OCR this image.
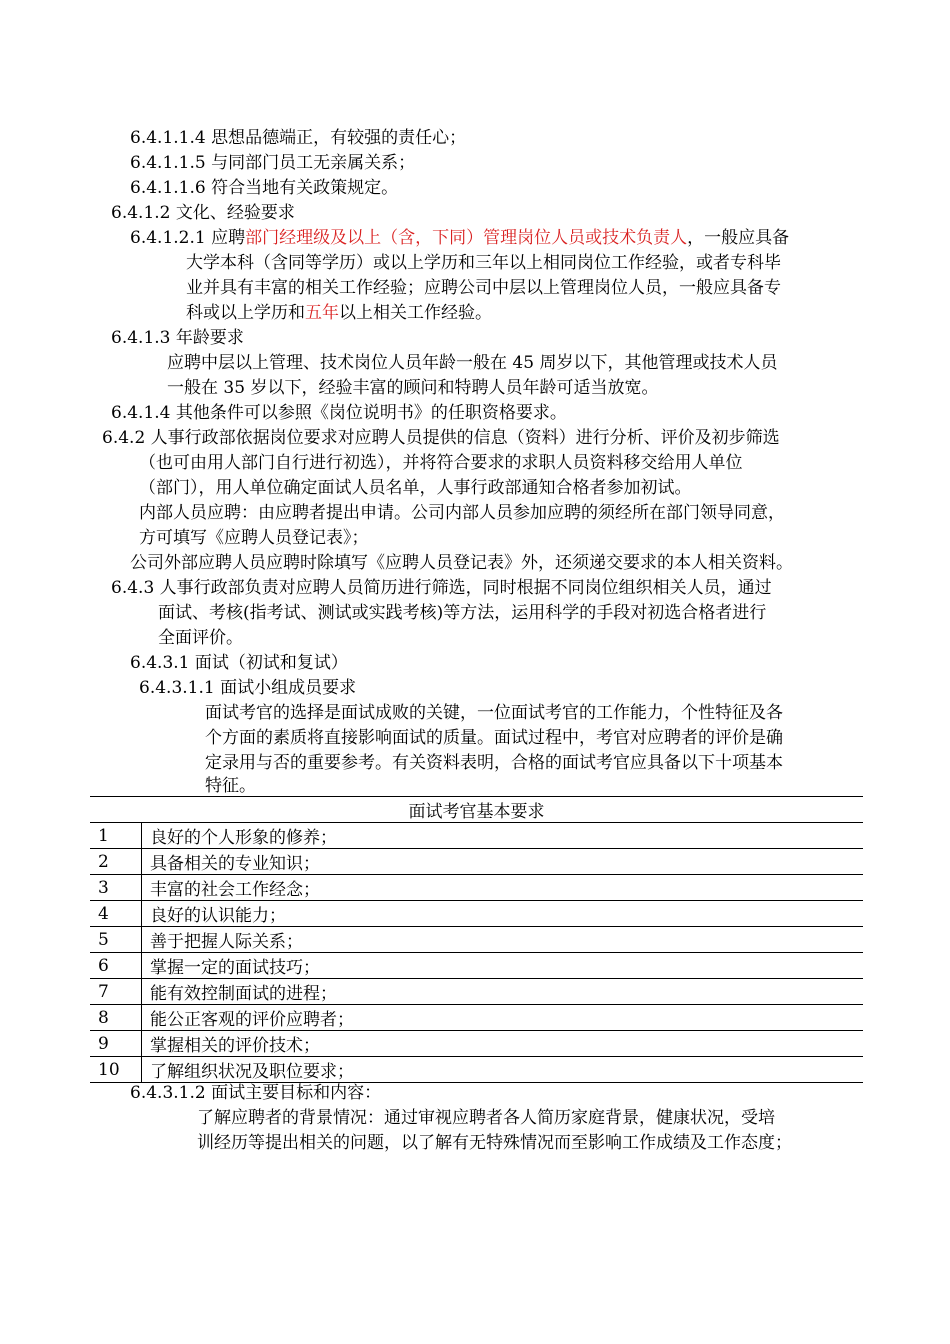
6.4.1.1.4 思想品德端正，有较强的责任心；
6.4.1.1.5 与同部门员工无亲属关系；
6.4.1.1.6 符合当地有关政策规定。
6.4.1.2 文化、经验要求
6.4.1.2.1 应聘部门经理级及以上（含，下同）管理岗位人员或技术负责人，一般应具备
大学本科（含同等学历）或以上学历和三年以上相同岗位工作经验，或者专科毕
业并具有丰富的相关工作经验；应聘公司中层以上管理岗位人员，一般应具备专
科或以上学历和五年以上相关工作经验。
6.4.1.3 年龄要求
应聘中层以上管理、技术岗位人员年龄一般在 45 周岁以下，其他管理或技术人员
一般在 35 岁以下，经验丰富的顾问和特聘人员年龄可适当放宽。
6.4.1.4 其他条件可以参照《岗位说明书》的任职资格要求。
6.4.2 人事行政部依据岗位要求对应聘人员提供的信息（资料）进行分析、评价及初步筛选
（也可由用人部门自行进行初选），并将符合要求的求职人员资料移交给用人单位
（部门），用人单位确定面试人员名单，人事行政部通知合格者参加初试。
内部人员应聘：由应聘者提出申请。公司内部人员参加应聘的须经所在部门领导同意，
方可填写《应聘人员登记表》；
公司外部应聘人员应聘时除填写《应聘人员登记表》外，还须递交要求的本人相关资料。
6.4.3 人事行政部负责对应聘人员简历进行筛选，同时根据不同岗位组织相关人员，通过
面试、考核(指考试、测试或实践考核)等方法，运用科学的手段对初选合格者进行
全面评价。
6.4.3.1 面试（初试和复试）
6.4.3.1.1 面试小组成员要求
面试考官的选择是面试成败的关键，一位面试考官的工作能力，个性特征及各
个方面的素质将直接影响面试的质量。面试过程中，考官对应聘者的评价是确
定录用与否的重要参考。有关资料表明，合格的面试考官应具备以下十项基本
特征。
面试考官基本要求	
1	良好的个人形象的修养；
2	具备相关的专业知识；
3	丰富的社会工作经念；
4	良好的认识能力；
5	善于把握人际关系；
6	掌握一定的面试技巧；
7	能有效控制面试的进程；
8	能公正客观的评价应聘者；
9	掌握相关的评价技术；
10	了解组织状况及职位要求；
6.4.3.1.2 面试主要目标和内容：
了解应聘者的背景情况：通过审视应聘者各人简历家庭背景，健康状况，受培
训经历等提出相关的问题，以了解有无特殊情况而至影响工作成绩及工作态度；
